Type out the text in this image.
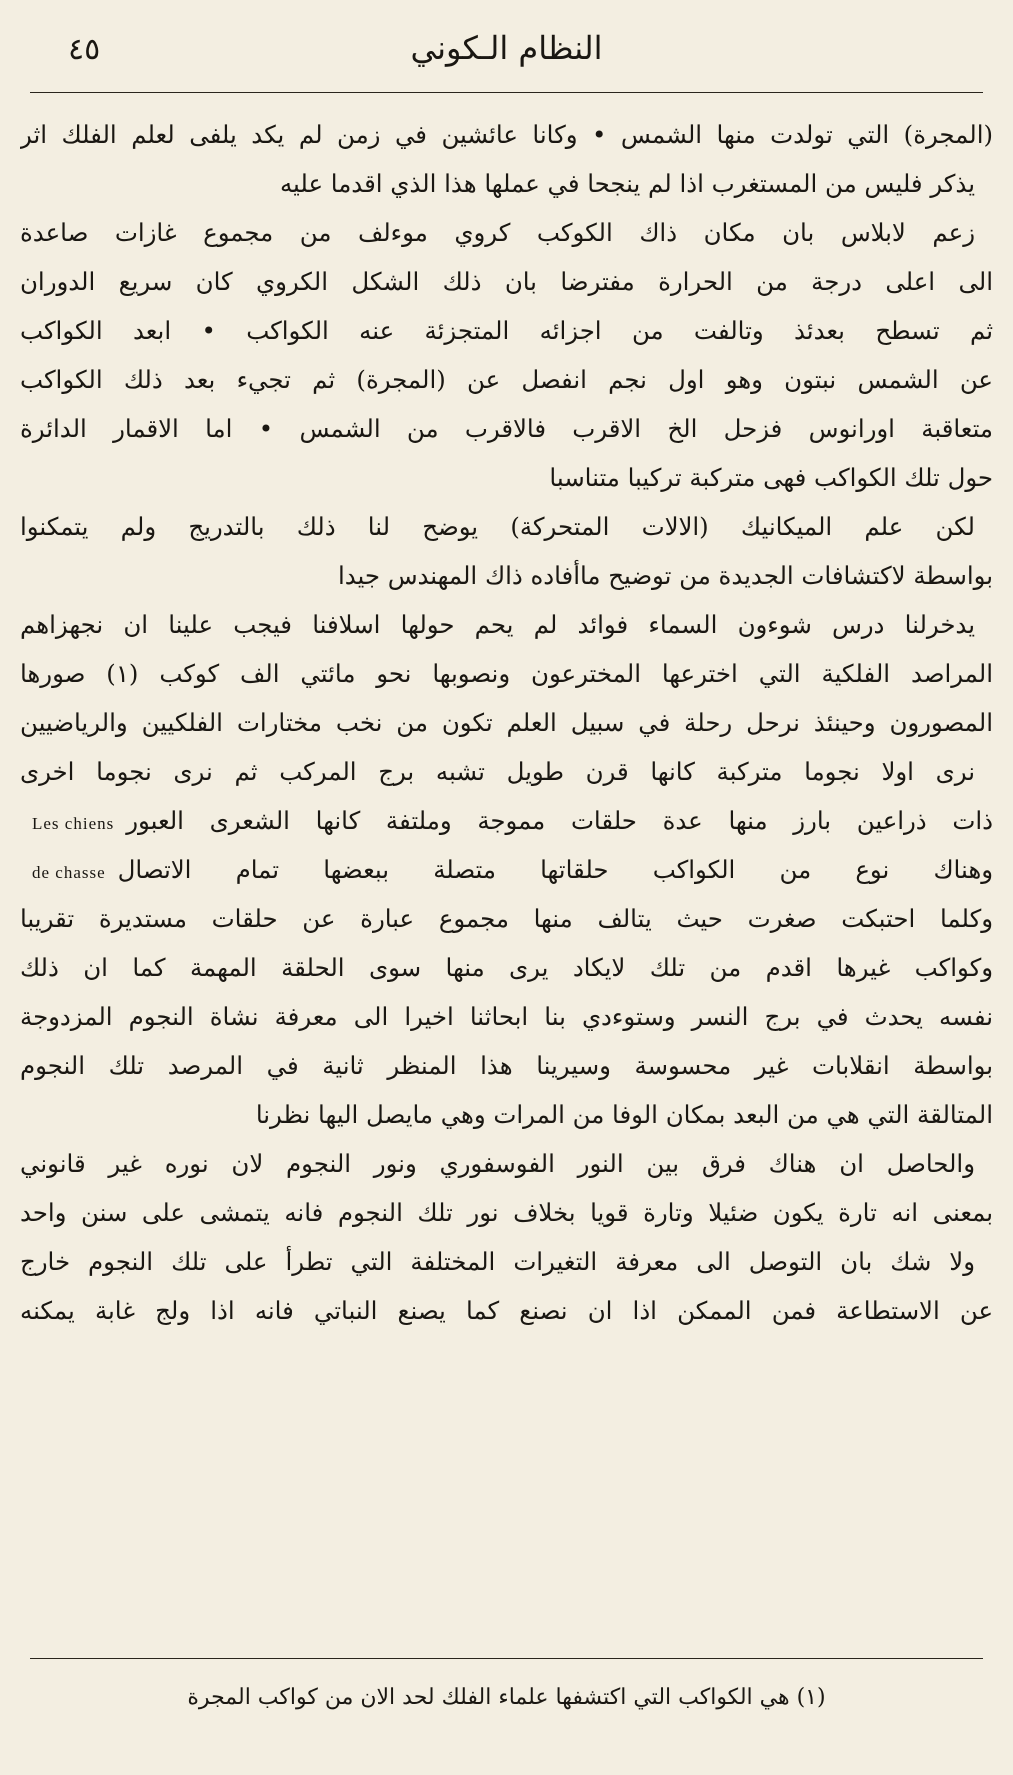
٤٥	النظام الـكوني
(المجرة) التي تولدت منها الشمس • وكانا عائشين في زمن لم يكد يلفى لعلم الفلك اثر
يذكر فليس من المستغرب اذا لم ينجحا في عملها هذا الذي اقدما عليه
زعم لابلاس بان مكان ذاك الكوكب كروي موءلف من مجموع غازات صاعدة
الى اعلى درجة من الحرارة مفترضا بان ذلك الشكل الكروي كان سريع الدوران
ثم تسطح بعدئذ وتالفت من اجزائه المتجزئة عنه الكواكب • ابعد الكواكب
عن الشمس نبتون وهو اول نجم انفصل عن (المجرة) ثم تجيء بعد ذلك الكواكب
متعاقبة اورانوس فزحل الخ الاقرب فالاقرب من الشمس • اما الاقمار الدائرة
حول تلك الكواكب فهى متركبة تركيبا متناسبا
لكن علم الميكانيك (الالات المتحركة) يوضح لنا ذلك بالتدريج ولم يتمكنوا
بواسطة لاكتشافات الجديدة من توضيح ماأفاده ذاك المهندس جيدا
يدخرلنا درس شوءون السماء فوائد لم يحم حولها اسلافنا فيجب علينا ان نجهزاهم
المراصد الفلكية التي اخترعها المخترعون ونصوبها نحو مائتي الف كوكب (١) صورها
المصورون وحينئذ نرحل رحلة في سبيل العلم تكون من نخب مختارات الفلكيين والرياضيين
نرى اولا نجوما متركبة كانها قرن طويل تشبه برج المركب ثم نرى نجوما اخرى
ذات ذراعين بارز منها عدة حلقات مموجة وملتفة كانها الشعرى العبورLes chiens
وهناك نوع من الكواكب حلقاتها متصلة ببعضها تمام الاتصالde chasse
وكلما احتبكت صغرت حيث يتالف منها مجموع عبارة عن حلقات مستديرة تقريبا
وكواكب غيرها اقدم من تلك لايكاد يرى منها سوى الحلقة المهمة كما ان ذلك
نفسه يحدث في برج النسر وستوءدي بنا ابحاثنا اخيرا الى معرفة نشاة النجوم المزدوجة
بواسطة انقلابات غير محسوسة وسيرينا هذا المنظر ثانية في المرصد تلك النجوم
المتالقة التي هي من البعد بمكان الوفا من المرات وهي مايصل اليها نظرنا
والحاصل ان هناك فرق بين النور الفوسفوري ونور النجوم لان نوره غير قانوني
بمعنى انه تارة يكون ضئيلا وتارة قويا بخلاف نور تلك النجوم فانه يتمشى على سنن واحد
ولا شك بان التوصل الى معرفة التغيرات المختلفة التي تطرأ على تلك النجوم خارج
عن الاستطاعة فمن الممكن اذا ان نصنع كما يصنع النباتي فانه اذا ولج غابة يمكنه
(١) هي الكواكب التي اكتشفها علماء الفلك لحد الان من كواكب المجرة
